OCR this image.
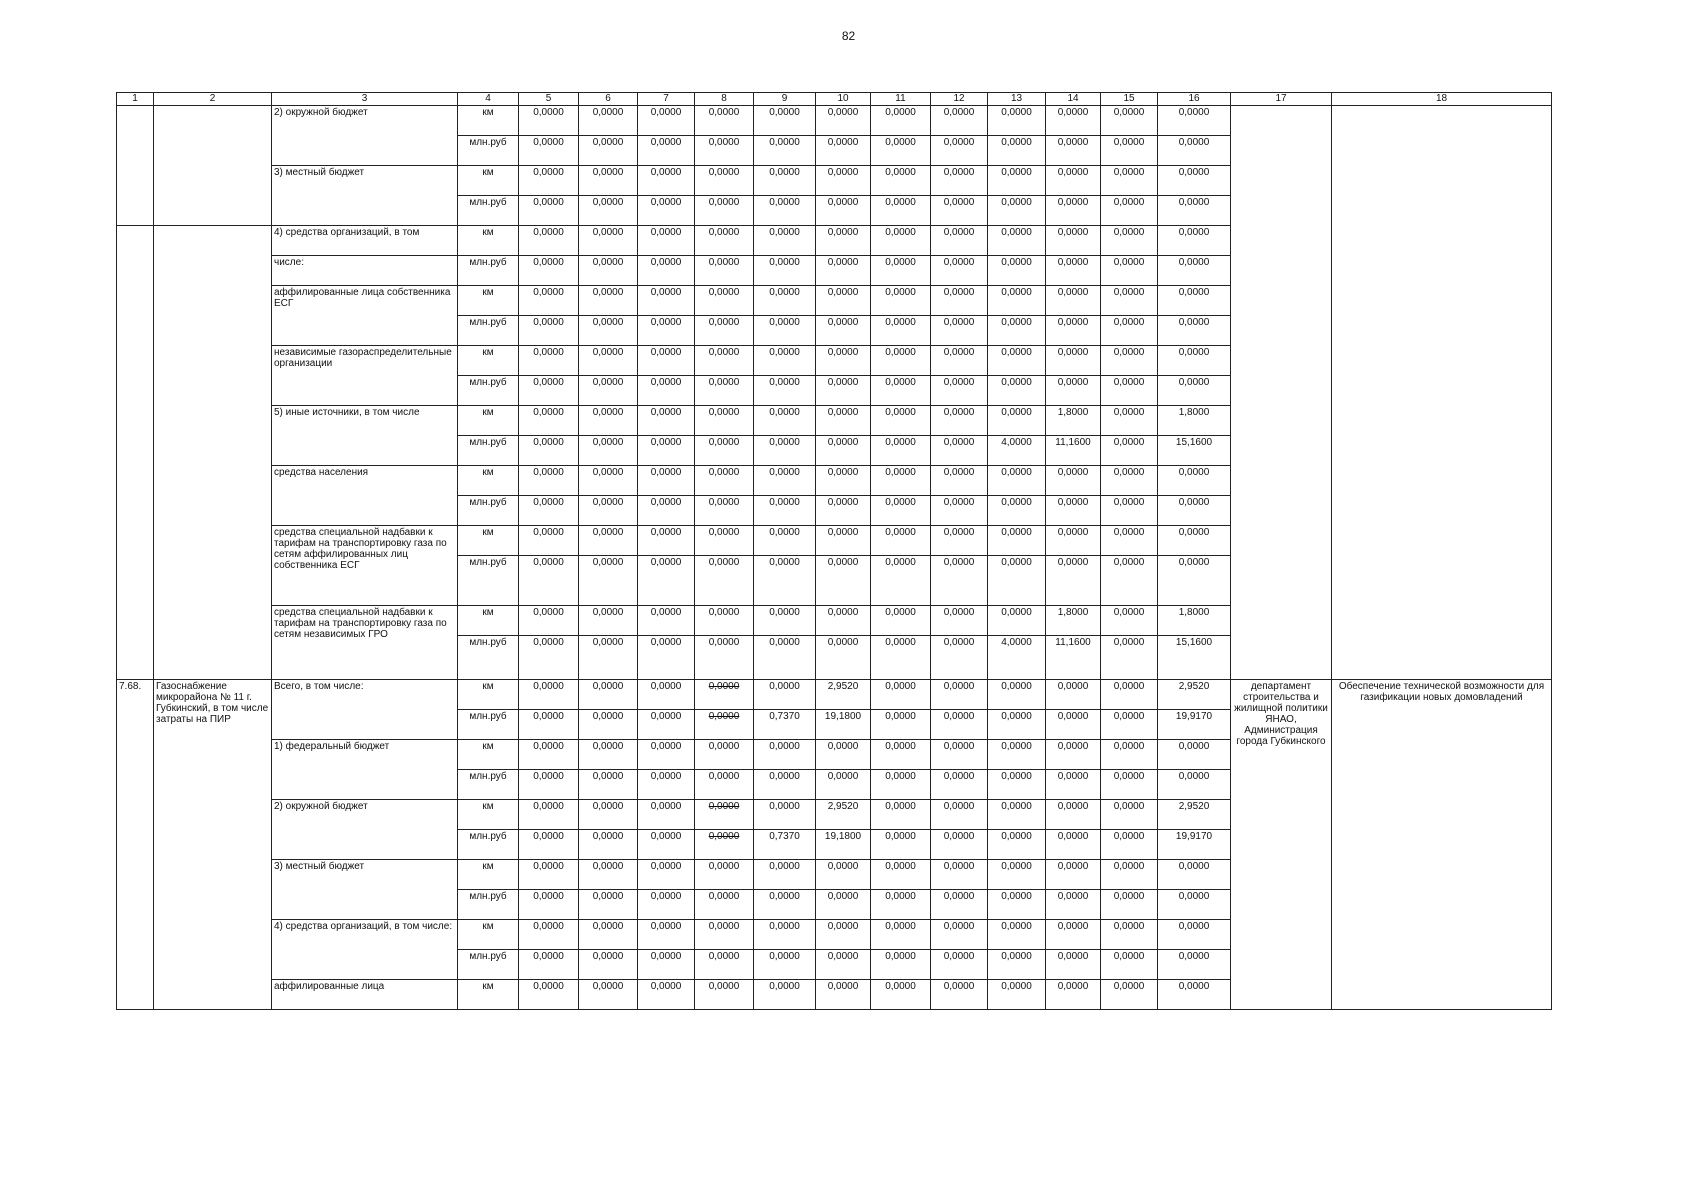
82
1	2	3	4	5	6	7	8	9	10	11	12	13	14	15	16	17	18
		2) окружной бюджет	км	0,0000	0,0000	0,0000	0,0000	0,0000	0,0000	0,0000	0,0000	0,0000	0,0000	0,0000	0,0000		
			млн.руб	0,0000	0,0000	0,0000	0,0000	0,0000	0,0000	0,0000	0,0000	0,0000	0,0000	0,0000	0,0000		
		3) местный бюджет	км	0,0000	0,0000	0,0000	0,0000	0,0000	0,0000	0,0000	0,0000	0,0000	0,0000	0,0000	0,0000		
			млн.руб	0,0000	0,0000	0,0000	0,0000	0,0000	0,0000	0,0000	0,0000	0,0000	0,0000	0,0000	0,0000		
		4) средства организаций, в том	км	0,0000	0,0000	0,0000	0,0000	0,0000	0,0000	0,0000	0,0000	0,0000	0,0000	0,0000	0,0000		
		числе:	млн.руб	0,0000	0,0000	0,0000	0,0000	0,0000	0,0000	0,0000	0,0000	0,0000	0,0000	0,0000	0,0000		
		аффилированные лица собственника ЕСГ	км	0,0000	0,0000	0,0000	0,0000	0,0000	0,0000	0,0000	0,0000	0,0000	0,0000	0,0000	0,0000		
			млн.руб	0,0000	0,0000	0,0000	0,0000	0,0000	0,0000	0,0000	0,0000	0,0000	0,0000	0,0000	0,0000		
		независимые газораспределительные организации	км	0,0000	0,0000	0,0000	0,0000	0,0000	0,0000	0,0000	0,0000	0,0000	0,0000	0,0000	0,0000		
			млн.руб	0,0000	0,0000	0,0000	0,0000	0,0000	0,0000	0,0000	0,0000	0,0000	0,0000	0,0000	0,0000		
		5) иные источники, в том числе	км	0,0000	0,0000	0,0000	0,0000	0,0000	0,0000	0,0000	0,0000	0,0000	1,8000	0,0000	1,8000		
			млн.руб	0,0000	0,0000	0,0000	0,0000	0,0000	0,0000	0,0000	0,0000	4,0000	11,1600	0,0000	15,1600		
		средства населения	км	0,0000	0,0000	0,0000	0,0000	0,0000	0,0000	0,0000	0,0000	0,0000	0,0000	0,0000	0,0000		
			млн.руб	0,0000	0,0000	0,0000	0,0000	0,0000	0,0000	0,0000	0,0000	0,0000	0,0000	0,0000	0,0000		
		средства специальной надбавки к тарифам на транспортировку газа по сетям аффилированных лиц собственника ЕСГ	км	0,0000	0,0000	0,0000	0,0000	0,0000	0,0000	0,0000	0,0000	0,0000	0,0000	0,0000	0,0000		
			млн.руб	0,0000	0,0000	0,0000	0,0000	0,0000	0,0000	0,0000	0,0000	0,0000	0,0000	0,0000	0,0000		
		средства специальной надбавки к тарифам на транспортировку газа по сетям независимых ГРО	км	0,0000	0,0000	0,0000	0,0000	0,0000	0,0000	0,0000	0,0000	0,0000	1,8000	0,0000	1,8000		
			млн.руб	0,0000	0,0000	0,0000	0,0000	0,0000	0,0000	0,0000	0,0000	4,0000	11,1600	0,0000	15,1600		
7.68.	Газоснабжение микрорайона № 11 г. Губкинский, в том числе затраты на ПИР	Всего, в том числе:	км	0,0000	0,0000	0,0000	0,0000	0,0000	2,9520	0,0000	0,0000	0,0000	0,0000	0,0000	2,9520	департамент строительства и жилищной политики ЯНАО, Администрация города Губкинского	Обеспечение технической возможности для газификации новых домовладений
			млн.руб	0,0000	0,0000	0,0000	0,0000	0,7370	19,1800	0,0000	0,0000	0,0000	0,0000	0,0000	19,9170		
		1) федеральный бюджет	км	0,0000	0,0000	0,0000	0,0000	0,0000	0,0000	0,0000	0,0000	0,0000	0,0000	0,0000	0,0000		
			млн.руб	0,0000	0,0000	0,0000	0,0000	0,0000	0,0000	0,0000	0,0000	0,0000	0,0000	0,0000	0,0000		
		2) окружной бюджет	км	0,0000	0,0000	0,0000	0,0000	0,0000	2,9520	0,0000	0,0000	0,0000	0,0000	0,0000	2,9520		
			млн.руб	0,0000	0,0000	0,0000	0,0000	0,7370	19,1800	0,0000	0,0000	0,0000	0,0000	0,0000	19,9170		
		3) местный бюджет	км	0,0000	0,0000	0,0000	0,0000	0,0000	0,0000	0,0000	0,0000	0,0000	0,0000	0,0000	0,0000		
			млн.руб	0,0000	0,0000	0,0000	0,0000	0,0000	0,0000	0,0000	0,0000	0,0000	0,0000	0,0000	0,0000		
		4) средства организаций, в том числе:	км	0,0000	0,0000	0,0000	0,0000	0,0000	0,0000	0,0000	0,0000	0,0000	0,0000	0,0000	0,0000		
			млн.руб	0,0000	0,0000	0,0000	0,0000	0,0000	0,0000	0,0000	0,0000	0,0000	0,0000	0,0000	0,0000		
		аффилированные лица	км	0,0000	0,0000	0,0000	0,0000	0,0000	0,0000	0,0000	0,0000	0,0000	0,0000	0,0000	0,0000		
